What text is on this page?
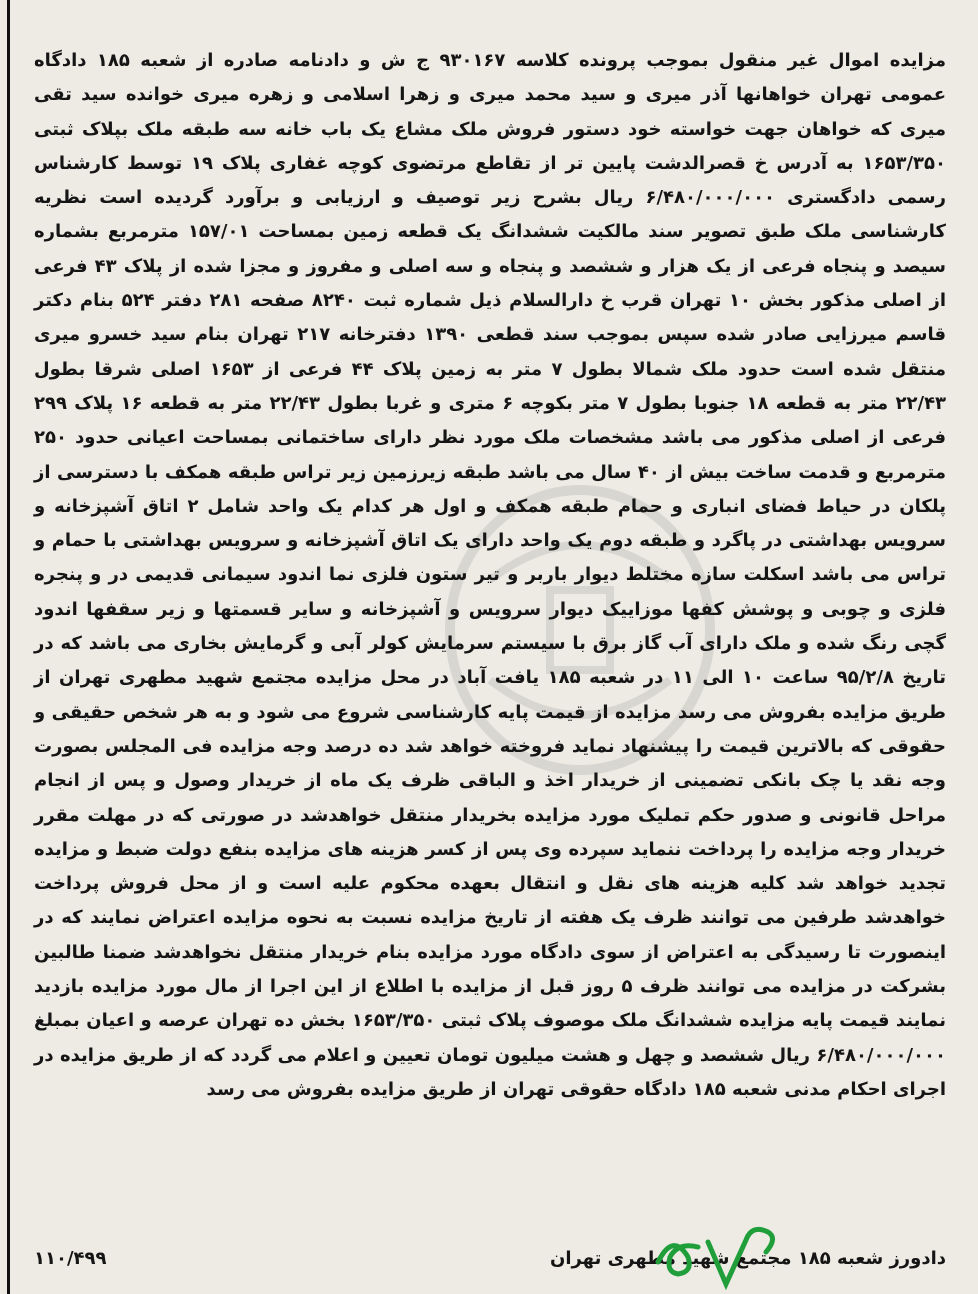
مزایده اموال غیر منقول بموجب پرونده کلاسه ۹۳۰۱۶۷ ج ش و دادنامه صادره از شعبه ۱۸۵ دادگاه عمومی تهران خواهانها آذر میری و سید محمد میری و زهرا اسلامی و زهره میری خوانده سید تقی میری که خواهان جهت خواسته خود دستور فروش ملک مشاع یک باب خانه سه طبقه ملک بپلاک ثبتی ۱۶۵۳/۳۵۰ به آدرس خ قصرالدشت پایین تر از تقاطع مرتضوی کوچه غفاری پلاک ۱۹ توسط کارشناس رسمی دادگستری ۶/۴۸۰/۰۰۰/۰۰۰ ریال بشرح زیر توصیف و ارزیابی و برآورد گردیده است نظریه کارشناسی ملک طبق تصویر سند مالکیت ششدانگ یک قطعه زمین بمساحت ۱۵۷/۰۱ مترمربع بشماره سیصد و پنجاه فرعی از یک هزار و ششصد و پنجاه و سه اصلی و مفروز و مجزا شده از پلاک ۴۳ فرعی از اصلی مذکور بخش ۱۰ تهران قرب خ دارالسلام ذیل شماره ثبت ۸۲۴۰ صفحه ۲۸۱ دفتر ۵۲۴ بنام دکتر قاسم میرزایی صادر شده سپس بموجب سند قطعی ۱۳۹۰ دفترخانه ۲۱۷ تهران بنام سید خسرو میری منتقل شده است حدود ملک شمالا بطول ۷ متر به زمین پلاک ۴۴ فرعی از ۱۶۵۳ اصلی شرقا بطول ۲۲/۴۳ متر به قطعه ۱۸ جنوبا بطول ۷ متر بکوچه ۶ متری و غربا بطول ۲۲/۴۳ متر به قطعه ۱۶ پلاک ۲۹۹ فرعی از اصلی مذکور می باشد مشخصات ملک مورد نظر دارای ساختمانی بمساحت اعیانی حدود ۲۵۰ مترمربع و قدمت ساخت بیش از ۴۰ سال می باشد طبقه زیرزمین زیر تراس طبقه همکف با دسترسی از پلکان در حیاط فضای انباری و حمام طبقه همکف و اول هر کدام یک واحد شامل ۲ اتاق آشپزخانه و سرویس بهداشتی در پاگرد و طبقه دوم یک واحد دارای یک اتاق آشپزخانه و سرویس بهداشتی با حمام و تراس می باشد اسکلت سازه مختلط دیوار باربر و تیر ستون فلزی نما اندود سیمانی قدیمی در و پنجره فلزی و چوبی و پوشش کفها موزاییک دیوار سرویس و آشپزخانه و سایر قسمتها و زیر سقفها اندود گچی رنگ شده و ملک دارای آب گاز برق با سیستم سرمایش کولر آبی و گرمایش بخاری می باشد که در تاریخ ۹۵/۲/۸ ساعت ۱۰ الی ۱۱ در شعبه ۱۸۵ یافت آباد در محل مزایده مجتمع شهید مطهری تهران از طریق مزایده بفروش می رسد مزایده از قیمت پایه کارشناسی شروع می شود و به هر شخص حقیقی و حقوقی که بالاترین قیمت را پیشنهاد نماید فروخته خواهد شد ده درصد وجه مزایده فی المجلس بصورت وجه نقد یا چک بانکی تضمینی از خریدار اخذ و الباقی ظرف یک ماه از خریدار وصول و پس از انجام مراحل قانونی و صدور حکم تملیک مورد مزایده بخریدار منتقل خواهدشد در صورتی که در مهلت مقرر خریدار وجه مزایده را پرداخت ننماید سپرده وی پس از کسر هزینه های مزایده بنفع دولت ضبط و مزایده تجدید خواهد شد کلیه هزینه های نقل و انتقال بعهده محکوم علیه است و از محل فروش پرداخت خواهدشد طرفین می توانند ظرف یک هفته از تاریخ مزایده نسبت به نحوه مزایده اعتراض نمایند که در اینصورت تا رسیدگی به اعتراض از سوی دادگاه مورد مزایده بنام خریدار منتقل نخواهدشد ضمنا طالبین بشرکت در مزایده می توانند ظرف ۵ روز قبل از مزایده با اطلاع از این اجرا از مال مورد مزایده بازدید نمایند قیمت پایه مزایده ششدانگ ملک موصوف پلاک ثبتی ۱۶۵۳/۳۵۰ بخش ده تهران عرصه و اعیان بمبلغ ۶/۴۸۰/۰۰۰/۰۰۰ ریال ششصد و چهل و هشت میلیون تومان تعیین و اعلام می گردد که از طریق مزایده در اجرای احکام مدنی شعبه ۱۸۵ دادگاه حقوقی تهران از طریق مزایده بفروش می رسد

دادورز شعبه ۱۸۵ مجتمع شهید مطهری تهران
۱۱۰/۴۹۹
